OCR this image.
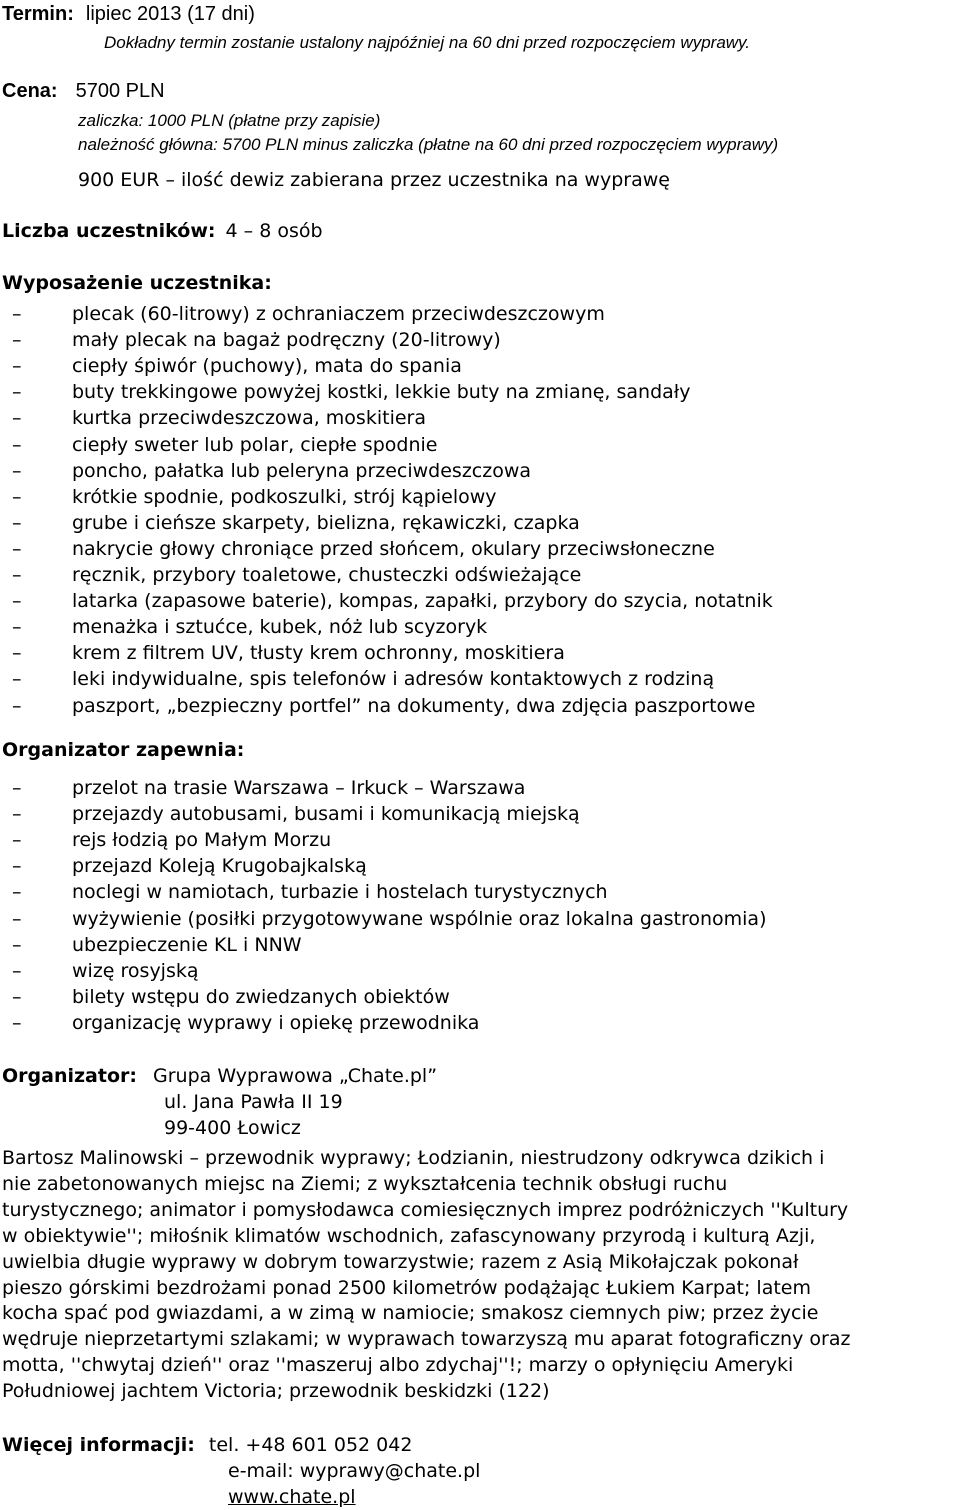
Termin: lipiec 2013 (17 dni)
Dokładny termin zostanie ustalony najpóźniej na 60 dni przed rozpoczęciem wyprawy.
Cena: 5700 PLN
zaliczka: 1000 PLN (płatne przy zapisie)
należność główna: 5700 PLN minus zaliczka (płatne na 60 dni przed rozpoczęciem wyprawy)
900 EUR – ilość dewiz zabierana przez uczestnika na wyprawę
Liczba uczestników: 4 – 8 osób
Wyposażenie uczestnika:
–	plecak (60-litrowy) z ochraniaczem przeciwdeszczowym
–	mały plecak na bagaż podręczny (20-litrowy)
–	ciepły śpiwór (puchowy), mata do spania
–	buty trekkingowe powyżej kostki, lekkie buty na zmianę, sandały
–	kurtka przeciwdeszczowa, moskitiera
–	ciepły sweter lub polar, ciepłe spodnie
–	poncho, pałatka lub peleryna przeciwdeszczowa
–	krótkie spodnie, podkoszulki, strój kąpielowy
–	grube i cieńsze skarpety, bielizna, rękawiczki, czapka
–	nakrycie głowy chroniące przed słońcem, okulary przeciwsłoneczne
–	ręcznik, przybory toaletowe, chusteczki odświeżające
–	latarka (zapasowe baterie), kompas, zapałki, przybory do szycia, notatnik
–	menażka i sztućce, kubek, nóż lub scyzoryk
–	krem z filtrem UV, tłusty krem ochronny, moskitiera
–	leki indywidualne, spis telefonów i adresów kontaktowych z rodziną
–	paszport, „bezpieczny portfel” na dokumenty, dwa zdjęcia paszportowe
Organizator zapewnia:
–	przelot na trasie Warszawa – Irkuck – Warszawa
–	przejazdy autobusami, busami i komunikacją miejską
–	rejs łodzią po Małym Morzu
–	przejazd Koleją Krugobajkalską
–	noclegi w namiotach, turbazie i hostelach turystycznych
–	wyżywienie (posiłki przygotowywane wspólnie oraz lokalna gastronomia)
–	ubezpieczenie KL i NNW
–	wizę rosyjską
–	bilety wstępu do zwiedzanych obiektów
–	organizację wyprawy i opiekę przewodnika
Organizator: Grupa Wyprawowa „Chate.pl”
ul. Jana Pawła II 19
99-400 Łowicz
Bartosz Malinowski – przewodnik wyprawy; Łodzianin, niestrudzony odkrywca dzikich i
nie zabetonowanych miejsc na Ziemi; z wykształcenia technik obsługi ruchu
turystycznego; animator i pomysłodawca comiesięcznych imprez podróżniczych ''Kultury
w obiektywie''; miłośnik klimatów wschodnich, zafascynowany przyrodą i kulturą Azji,
uwielbia długie wyprawy w dobrym towarzystwie; razem z Asią Mikołajczak pokonał
pieszo górskimi bezdrożami ponad 2500 kilometrów podążając Łukiem Karpat; latem
kocha spać pod gwiazdami, a w zimą w namiocie; smakosz ciemnych piw; przez życie
wędruje nieprzetartymi szlakami; w wyprawach towarzyszą mu aparat fotograficzny oraz
motta, ''chwytaj dzień'' oraz ''maszeruj albo zdychaj''!; marzy o opłynięciu Ameryki
Południowej jachtem Victoria; przewodnik beskidzki (122)
Więcej informacji: tel. +48 601 052 042
e-mail: wyprawy@chate.pl
www.chate.pl
